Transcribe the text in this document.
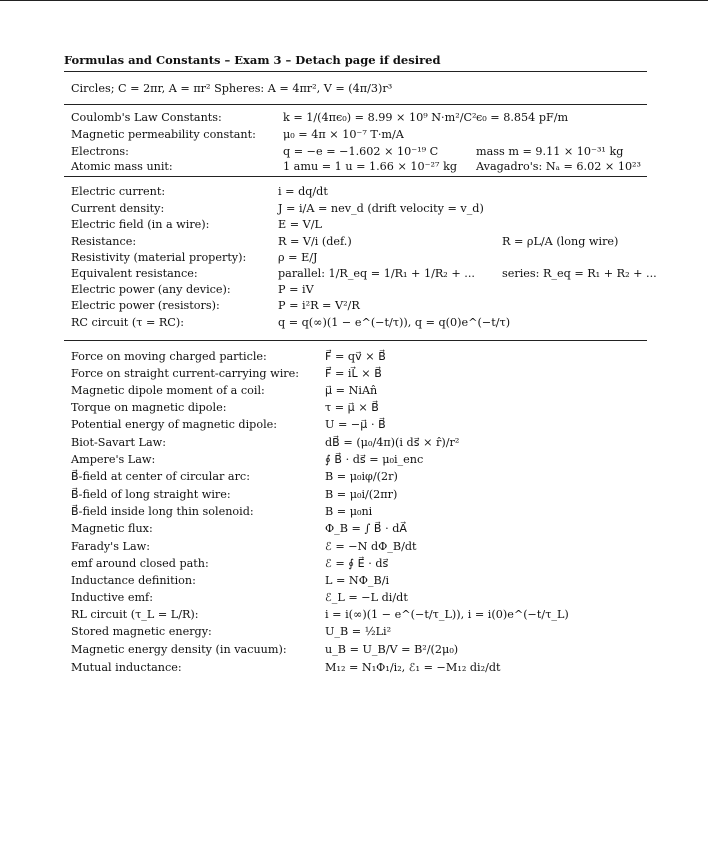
Formulas and Constants – Exam 3 – Detach page if desired
Circles; C = 2πr, A = πr² Spheres: A = 4πr², V = (4π/3)r³
Coulomb's Law Constants:	k = 1/(4πϵ₀) = 8.99 × 10⁹ N·m²/C² ϵ₀ = 8.854 pF/m
Magnetic permeability constant: μ₀ = 4π × 10⁻⁷ T·m/A
Electrons:	q = −e = −1.602 × 10⁻¹⁹ C	mass m = 9.11 × 10⁻³¹ kg
Atomic mass unit:	1 amu = 1 u = 1.66 × 10⁻²⁷ kg Avagadro's: Nₐ = 6.02 × 10²³
Electric current:	i = dq/dt
Current density:	J = i/A = nev_d (drift velocity = v_d)
Electric field (in a wire):	E = V/L
Resistance:	R = V/i (def.)	R = ρL/A (long wire)
Resistivity (material property):	ρ = E/J
Equivalent resistance:	parallel: 1/R_eq = 1/R₁ + 1/R₂ + ... series: R_eq = R₁ + R₂ + ...
Electric power (any device):	P = iV
Electric power (resistors):	P = i²R = V²/R
RC circuit (τ = RC):	q = q(∞)(1 − e^(−t/τ)), q = q(0)e^(−t/τ)
Force on moving charged particle:	F⃗ = qv⃗ × B⃗
Force on straight current-carrying wire: F⃗ = iL⃗ × B⃗
Magnetic dipole moment of a coil:	μ⃗ = NiAn̂
Torque on magnetic dipole:	τ = μ⃗ × B⃗
Potential energy of magnetic dipole:	U = −μ⃗ · B⃗
Biot-Savart Law:	dB⃗ = (μ₀/4π)(i ds⃗ × r̂)/r²
Ampere's Law:	∮ B⃗ · ds⃗ = μ₀i_enc
B⃗-field at center of circular arc:	B = μ₀iφ/(2r)
B⃗-field of long straight wire:	B = μ₀i/(2πr)
B⃗-field inside long thin solenoid:	B = μ₀ni
Magnetic flux:	Φ_B = ∫ B⃗ · dA⃗
Farady's Law:	ℰ = −N dΦ_B/dt
emf around closed path:	ℰ = ∮ E⃗ · ds⃗
Inductance definition:	L = NΦ_B/i
Inductive emf:	ℰ_L = −L di/dt
RL circuit (τ_L = L/R):	i = i(∞)(1 − e^(−t/τ_L)), i = i(0)e^(−t/τ_L)
Stored magnetic energy:	U_B = ½Li²
Magnetic energy density (in vacuum):	u_B = U_B/V = B²/(2μ₀)
Mutual inductance:	M₁₂ = N₁Φ₁/i₂, ℰ₁ = −M₁₂ di₂/dt
